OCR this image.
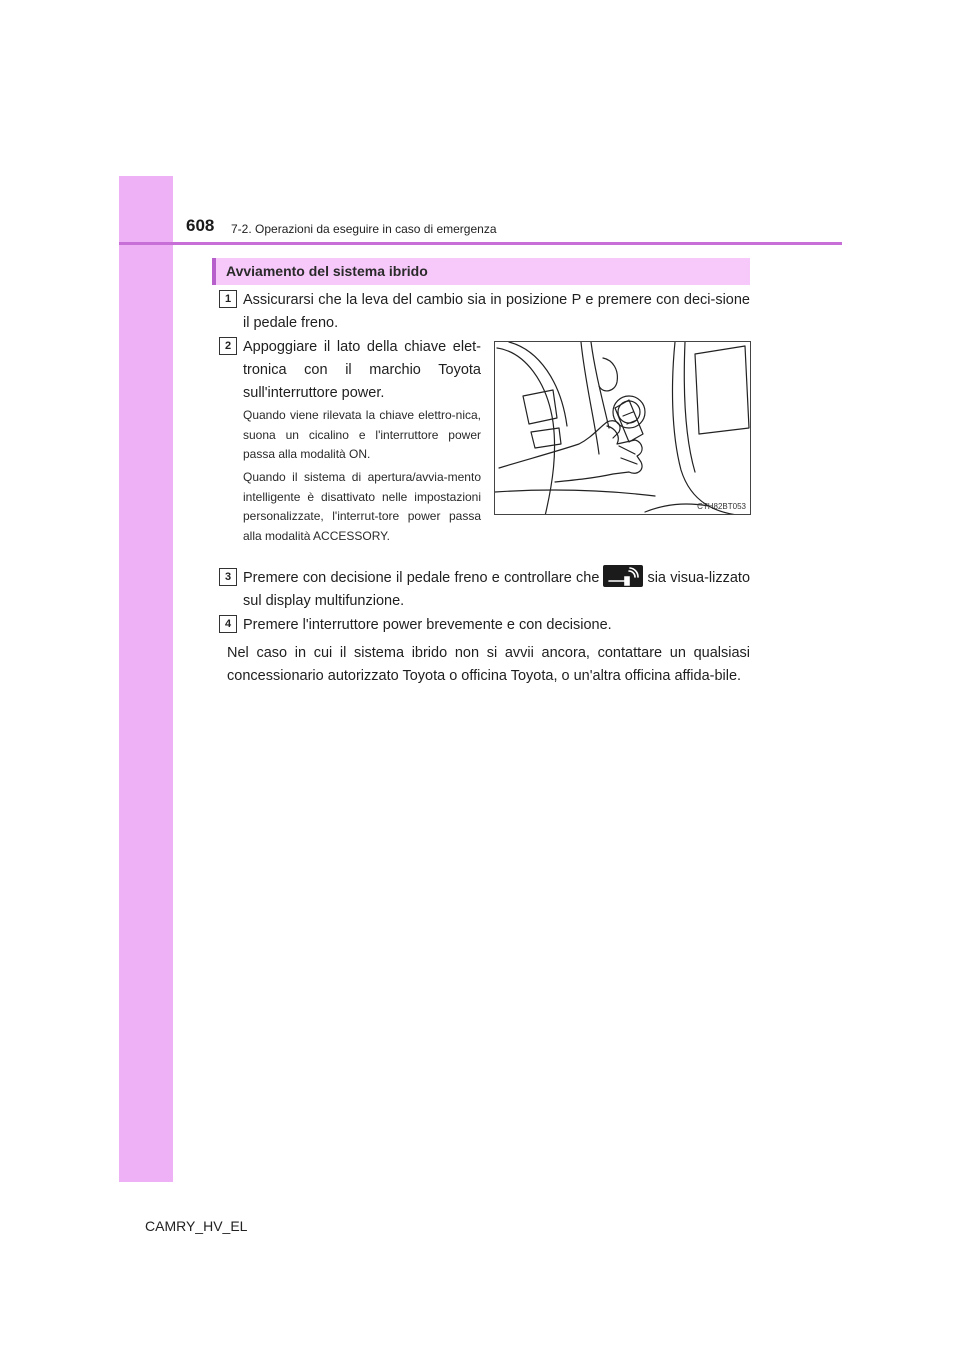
608 7-2. Operazioni da eseguire in caso di emergenza
Avviamento del sistema ibrido
1 Assicurarsi che la leva del cambio sia in posizione P e premere con deci-sione il pedale freno.
2 Appoggiare il lato della chiave elet-tronica con il marchio Toyota sull'interruttore power.
Quando viene rilevata la chiave elettro-nica, suona un cicalino e l'interruttore power passa alla modalità ON.
Quando il sistema di apertura/avvia-mento intelligente è disattivato nelle impostazioni personalizzate, l'interrut-tore power passa alla modalità ACCESSORY.
CTH82BT053
3 Premere con decisione il pedale freno e controllare che	sia visua-lizzato sul display multifunzione.
4 Premere l'interruttore power brevemente e con decisione.
Nel caso in cui il sistema ibrido non si avvii ancora, contattare un qualsiasi concessionario autorizzato Toyota o officina Toyota, o un'altra officina affida-bile.
CAMRY_HV_EL
